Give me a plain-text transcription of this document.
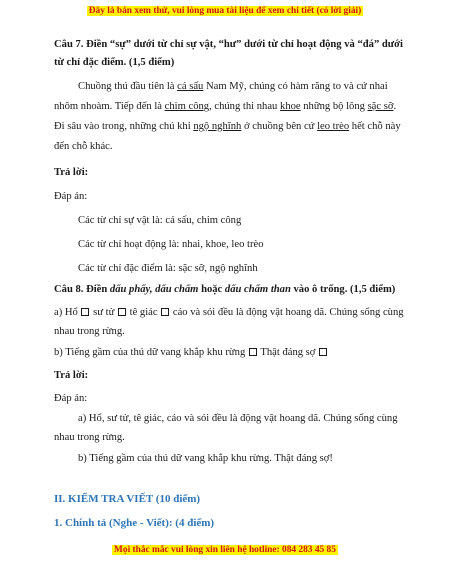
Đây là bản xem thử, vui lòng mua tài liệu để xem chi tiết (có lời giải)
Câu 7. Điền “sự” dưới từ chỉ sự vật, “hư” dưới từ chỉ hoạt động và “đá” dưới
từ chỉ đặc điểm. (1,5 điểm)
Chuồng thú đầu tiên là cá sấu Nam Mỹ, chúng có hàm răng to và cứ nhai
nhôm nhoàm. Tiếp đến là chim công, chúng thi nhau khoe những bộ lông sặc sỡ.
Đi sâu vào trong, những chú khỉ ngộ nghĩnh ở chuồng bên cứ leo trèo hết chỗ này
đến chỗ khác.
Trả lời:
Đáp án:
Các từ chỉ sự vật là: cá sấu, chim công
Các từ chỉ hoạt động là: nhai, khoe, leo trèo
Các từ chỉ đặc điểm là: sặc sỡ, ngộ nghĩnh
Câu 8. Điền dấu phẩy, dấu chấm hoặc dấu chấm than vào ô trống. (1,5 điểm)
a) Hổ  sư tử  tê giác  cáo và sói đều là động vật hoang dã. Chúng sống cùng
nhau trong rừng.
b) Tiếng gầm của thú dữ vang khắp khu rừng  Thật đáng sợ
Trả lời:
Đáp án:
a) Hổ, sư tử, tê giác, cáo và sói đều là động vật hoang dã. Chúng sống cùng
nhau trong rừng.
b) Tiếng gầm của thú dữ vang khắp khu rừng. Thật đáng sợ!
II. KIỂM TRA VIẾT (10 điểm)
1. Chính tả (Nghe - Viết): (4 điểm)
Mọi thắc mắc vui lòng xin liên hệ hotline: 084 283 45 85
